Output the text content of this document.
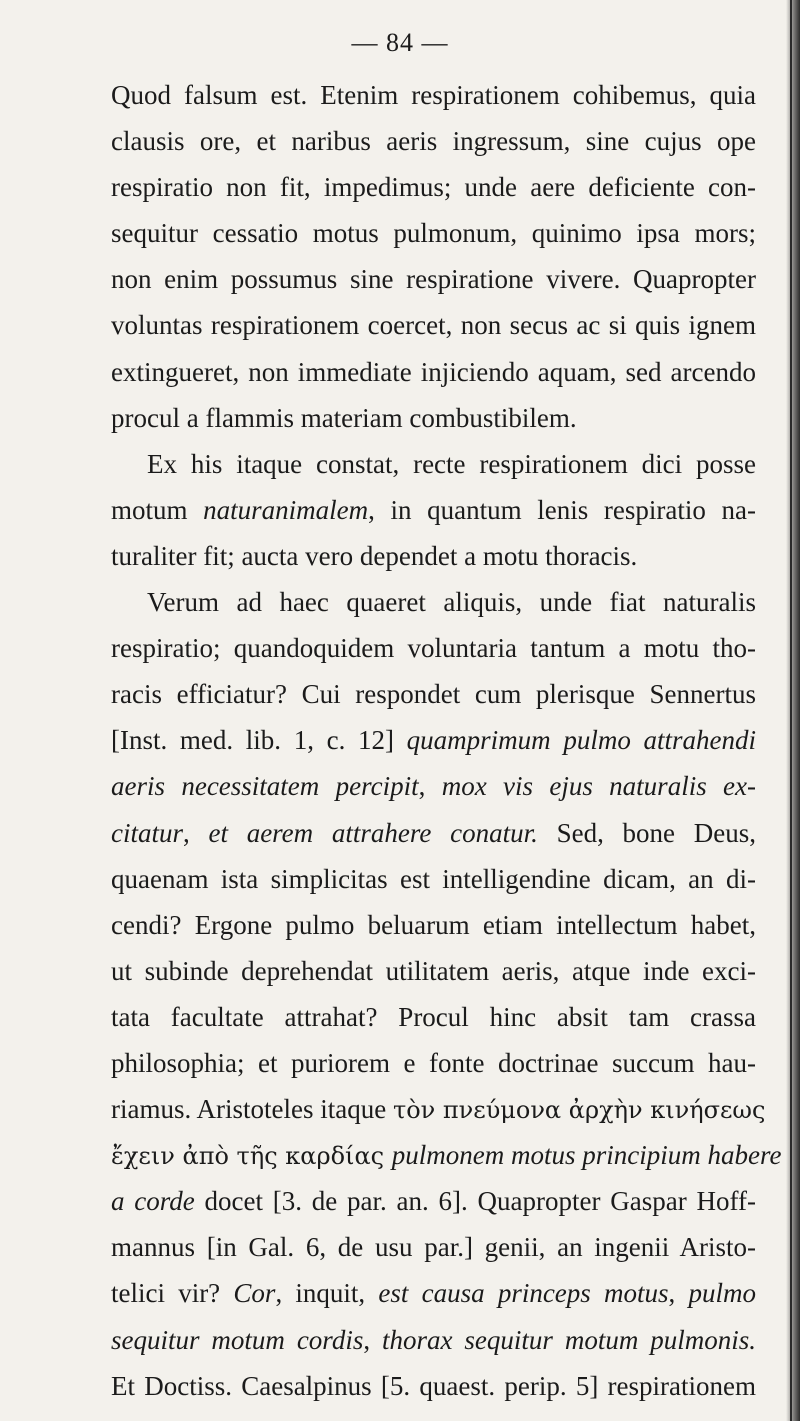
— 84 —
Quod falsum est. Etenim respirationem cohibemus, quia
clausis ore, et naribus aeris ingressum, sine cujus ope
respiratio non fit, impedimus; unde aere deficiente con-
sequitur cessatio motus pulmonum, quinimo ipsa mors;
non enim possumus sine respiratione vivere. Quapropter
voluntas respirationem coercet, non secus ac si quis ignem
extingueret, non immediate injiciendo aquam, sed arcendo
procul a flammis materiam combustibilem.
Ex his itaque constat, recte respirationem dici posse
motum naturanimalem, in quantum lenis respiratio na-
turaliter fit; aucta vero dependet a motu thoracis.
Verum ad haec quaeret aliquis, unde fiat naturalis
respiratio; quandoquidem voluntaria tantum a motu tho-
racis efficiatur? Cui respondet cum plerisque Sennertus
[Inst. med. lib. 1, c. 12] quamprimum pulmo attrahendi
aeris necessitatem percipit, mox vis ejus naturalis ex-
citatur, et aerem attrahere conatur. Sed, bone Deus,
quaenam ista simplicitas est intelligendine dicam, an di-
cendi? Ergone pulmo beluarum etiam intellectum habet,
ut subinde deprehendat utilitatem aeris, atque inde exci-
tata facultate attrahat? Procul hinc absit tam crassa
philosophia; et puriorem e fonte doctrinae succum hau-
riamus. Aristoteles itaque τὸν πνεύμονα ἀρχὴν κινήσεως
ἔχειν ἀπὸ τῆς καρδίας pulmonem motus principium habere
a corde docet [3. de par. an. 6]. Quapropter Gaspar Hoff-
mannus [in Gal. 6, de usu par.] genii, an ingenii Aristo-
telici vir? Cor, inquit, est causa princeps motus, pulmo
sequitur motum cordis, thorax sequitur motum pulmonis.
Et Doctiss. Caesalpinus [5. quaest. perip. 5] respirationem
